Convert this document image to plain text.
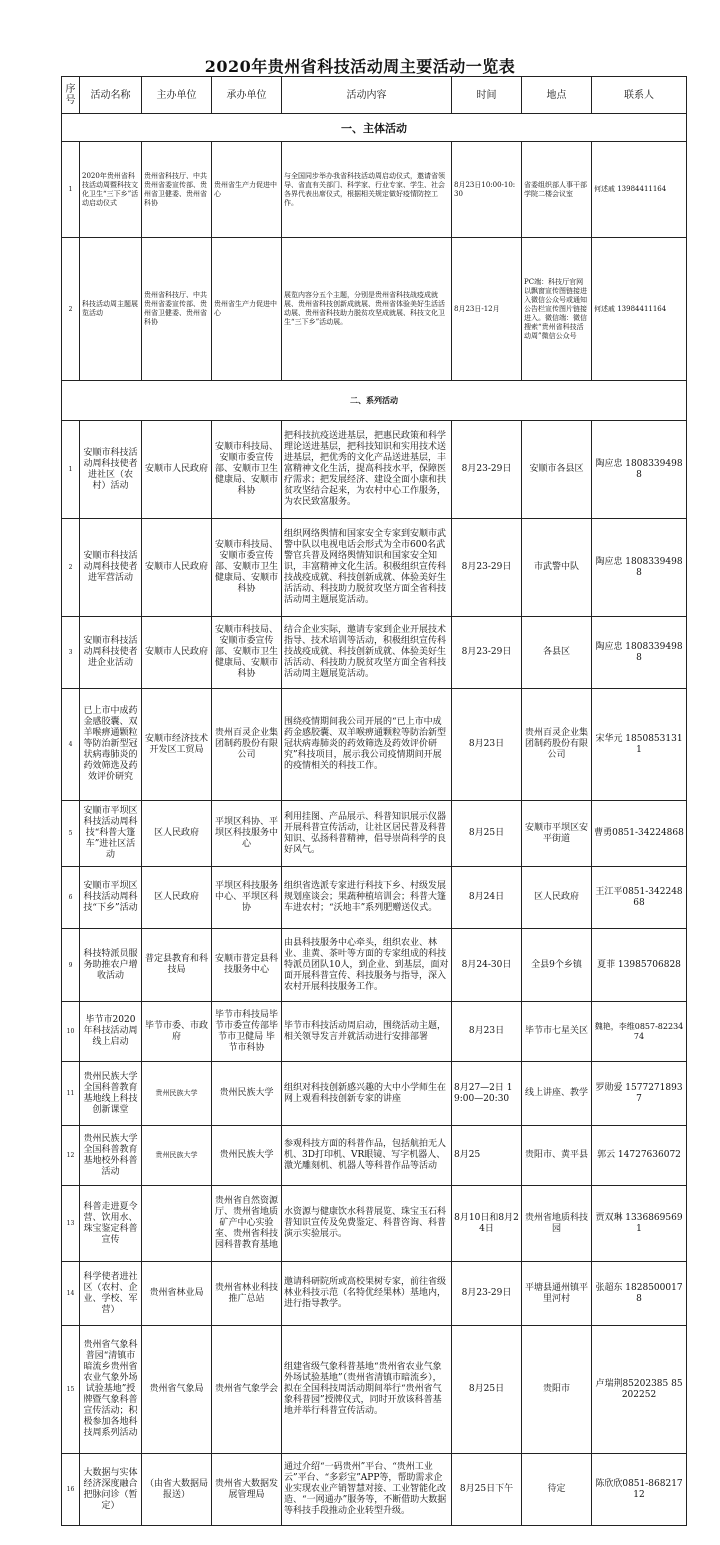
2020年贵州省科技活动周主要活动一览表
序号	活动名称	主办单位	承办单位	活动内容	时间	地点	联系人
一、主体活动							
1	2020年贵州省科技活动周暨科技文化卫生“三下乡”活动启动仪式	贵州省科技厅、中共贵州省委宣传部、贵州省卫健委、贵州省科协	贵州省生产力促进中心	与全国同步举办我省科技活动周启动仪式，邀请省领导、省直有关部门、科学家、行业专家、学生、社会各界代表出席仪式，根据相关规定做好疫情防控工作。	8月23日10:00-10:30	省委组织部人事干部学院二楼会议室	何述戚 13984411164
2	科技活动周主题展览活动	贵州省科技厅、中共贵州省委宣传部、贵州省卫健委、贵州省科协	贵州省生产力促进中心	展览内容分五个主题，分别是贵州省科技战疫成就展、贵州省科技创新成就展、贵州省体验美好生活活动展、贵州省科技助力脱贫攻坚成就展、科技文化卫生“三下乡”活动展。	8月23日-12月	PC端：科技厅官网以飘窗宣传图链接进入微信公众号或通知公告栏宣传图片链接进入。微信端：微信搜索“贵州省科技活动周”微信公众号	何述戚 13984411164
二、系列活动							
1	安顺市科技活动周科技使者进社区（农村）活动	安顺市人民政府	安顺市科技局、安顺市委宣传部、安顺市卫生健康局、安顺市科协	把科技抗疫送进基层，把惠民政策和科学理论送进基层，把科技知识和实用技术送进基层，把优秀的文化产品送进基层，丰富精神文化生活，提高科技水平，保障医疗需求；把发展经济、建设全面小康和扶贫攻坚结合起来，为农村中心工作服务，为农民致富服务。	8月23-29日	安顺市各县区	陶应忠 18083394988
2	安顺市科技活动周科技使者进军营活动	安顺市人民政府	安顺市科技局、安顺市委宣传部、安顺市卫生健康局、安顺市科协	组织网络舆情和国家安全专家到安顺市武警中队以电视电话会形式为全市600名武警官兵普及网络舆情知识和国家安全知识，丰富精神文化生活。积极组织宣传科技战疫成就、科技创新成就、体验美好生活活动、科技助力脱贫攻坚方面全省科技活动周主题展览活动。	8月23-29日	市武警中队	陶应忠 18083394988
3	安顺市科技活动周科技使者进企业活动	安顺市人民政府	安顺市科技局、安顺市委宣传部、安顺市卫生健康局、安顺市科协	结合企业实际，邀请专家到企业开展技术指导、技术培训等活动，积极组织宣传科技战疫成就、科技创新成就、体验美好生活活动、科技助力脱贫攻坚方面全省科技活动周主题展览活动。	8月23-29日	各县区	陶应忠 18083394988
4	已上市中成药金感胶囊、双羊喉痹通颗粒等防治新型冠状病毒肺炎的药效筛选及药效评价研究	安顺市经济技术开发区工贸局	贵州百灵企业集团制药股份有限公司	围绕疫情期间我公司开展的“已上市中成药金感胶囊、双羊喉痹通颗粒等防治新型冠状病毒肺炎的药效筛选及药效评价研究”科技项目，展示我公司疫情期间开展的疫情相关的科技工作。	8月23日	贵州百灵企业集团制药股份有限公司	宋华元 18508531311
5	安顺市平坝区科技活动周科技“科普大篷车”进社区活动	区人民政府	平坝区科协、平坝区科技服务中心	利用挂图、产品展示、科普知识展示仪器开展科普宣传活动，让社区居民普及科普知识、弘扬科普精神，倡导崇尚科学的良好风气。	8月25日	安顺市平坝区安平街道	曹勇0851-34224868
6	安顺市平坝区科技活动周科技“下乡”活动	区人民政府	平坝区科技服务中心、平坝区科协	组织省选派专家进行科技下乡、村级发展规划座谈会；果蔬种植培训会；科普大篷车进农村；“沃地丰”系列肥赠送仪式。	8月24日	区人民政府	王江平0851-34224868
9	科技特派员服务助推农户增收活动	普定县教育和科技局	安顺市普定县科技服务中心	由县科技服务中心牵头，组织农业、林业、韭黄、茶叶等方面的专家组成的科技特派员团队10人，到企业、到基层，面对面开展科普宣传、科技服务与指导，深入农村开展科技服务工作。	8月24-30日	全县9个乡镇	夏菲 13985706828
10	毕节市2020年科技活动周线上启动	毕节市委、市政府	毕节市科技局毕节市委宣传部毕节市卫健局 毕节市科协	毕节市科技活动周启动，围绕活动主题，相关领导发言并就活动进行安排部署	8月23日	毕节市七星关区	魏艳，李维0857-8223474
11	贵州民族大学全国科普教育基地线上科技创新课堂	贵州民族大学	贵州民族大学	组织对科技创新感兴趣的大中小学师生在网上观看科技创新专家的讲座	8月27—2日 19:00—20:30	线上讲座、教学	罗勋爱 15772718937
12	贵州民族大学全国科普教育基地校外科普活动	贵州民族大学	贵州民族大学	参观科技方面的科普作品，包括航拍无人机、3D打印机、VR眼镜、写字机器人、激光雕刻机、机器人等科普作品等活动	8月25	贵阳市、黄平县	郭云 14727636072
13	科普走进夏令营、饮用水、珠宝鉴定科普宣传		贵州省自然资源厅、贵州省地质矿产中心实验室、贵州省科技园科普教育基地	水资源与健康饮水科普展览、珠宝玉石科普知识宣传及免费鉴定、科普咨询、科普演示实验展示。	8月10日和8月24日	贵州省地质科技园	贾双琳 13368695691
14	科学使者进社区（农村、企业、学校、军营）	贵州省林业局	贵州省林业科技推广总站	邀请科研院所或高校果树专家，前往省级林业科技示范（名特优经果林）基地内，进行指导教学。	8月23-29日	平塘县通州镇平里河村	张超东 18285000178
15	贵州省气象科普园“清镇市暗流乡贵州省农业气象外场试验基地”授牌暨气象科普宣传活动；积极参加各地科技周系列活动	贵州省气象局	贵州省气象学会	组建省级气象科普基地“贵州省农业气象外场试验基地”（贵州省清镇市暗流乡），拟在全国科技周活动期间举行“贵州省气象科普园”授牌仪式，同时开放该科普基地并举行科普宣传活动。	8月25日	贵阳市	卢瑞荆85202385 85202252
16	大数据与实体经济深度融合把脉问诊（暂定）	（由省大数据局报送）	贵州省大数据发展管理局	通过介绍“一码贵州”平台、“贵州工业云”平台、“多彩宝”APP等，帮助需求企业实现农业产销智慧对接、工业智能化改造、“一网通办”服务等，不断借助大数据等科技手段推动企业转型升级。	8月25日下午	待定	陈欣欣0851-86821712
